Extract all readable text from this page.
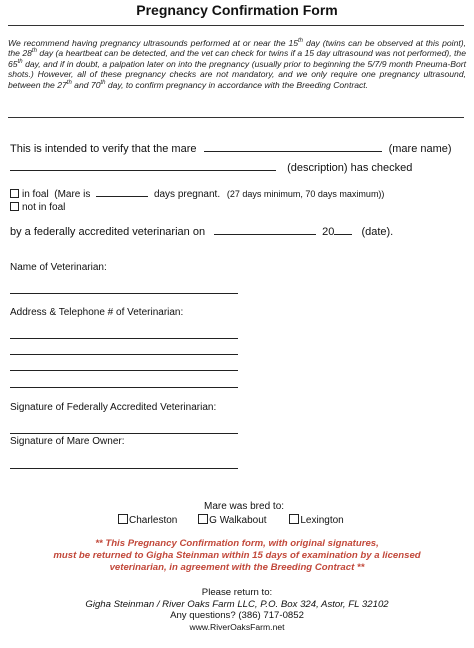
Pregnancy Confirmation Form
We recommend having pregnancy ultrasounds performed at or near the 15th day (twins can be observed at this point), the 28th day (a heartbeat can be detected, and the vet can check for twins if a 15 day ultrasound was not performed), the 65th day, and if in doubt, a palpation later on into the pregnancy (usually prior to beginning the 5/7/9 month Pneuma-Bort shots.) However, all of these pregnancy checks are not mandatory, and we only require one pregnancy ultrasound, between the 27th and 70th day, to confirm pregnancy in accordance with the Breeding Contract.
This is intended to verify that the mare	(mare name)
(description) has checked
in foal (Mare is	days pregnant. (27 days minimum, 70 days maximum))
not in foal
by a federally accredited veterinarian on	20 (date).
Name of Veterinarian:
Address & Telephone # of Veterinarian:
Signature of Federally Accredited Veterinarian:
Signature of Mare Owner:
Mare was bred to:
Charleston	G Walkabout	Lexington
** This Pregnancy Confirmation form, with original signatures,
must be returned to Gigha Steinman within 15 days of examination by a licensed
veterinarian, in agreement with the Breeding Contract **
Please return to:
Gigha Steinman / River Oaks Farm LLC, P.O. Box 324, Astor, FL 32102
Any questions? (386) 717-0852
www.RiverOaksFarm.net
